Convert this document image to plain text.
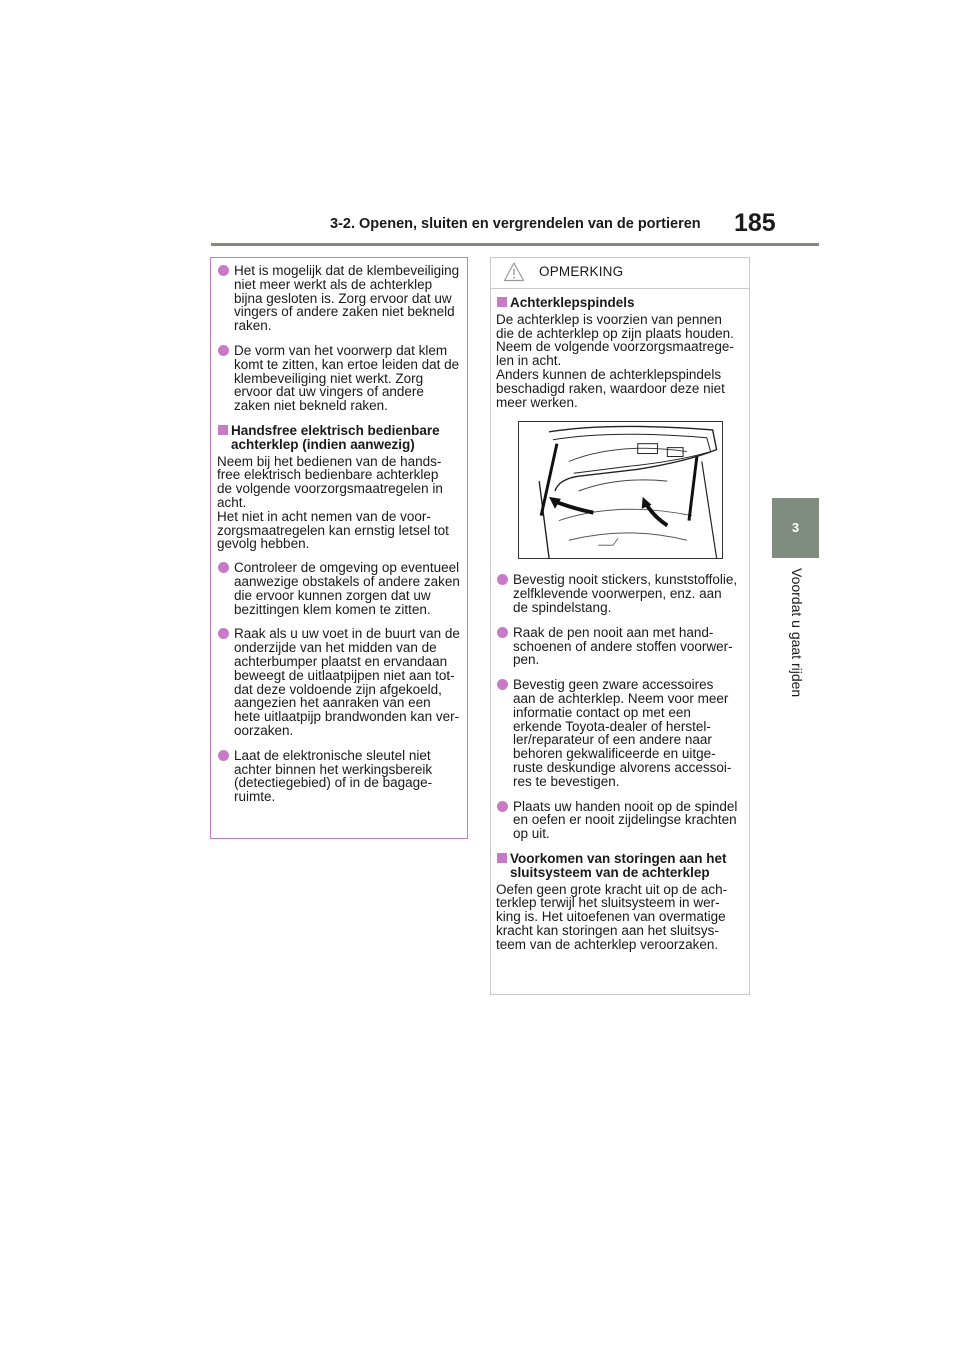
3-2. Openen, sluiten en vergrendelen van de portieren 185
3
Voordat u gaat rijden
Het is mogelijk dat de klembeveiliging
niet meer werkt als de achterklep
bijna gesloten is. Zorg ervoor dat uw
vingers of andere zaken niet bekneld
raken.
De vorm van het voorwerp dat klem
komt te zitten, kan ertoe leiden dat de
klembeveiliging niet werkt. Zorg
ervoor dat uw vingers of andere
zaken niet bekneld raken.
Handsfree elektrisch bedienbare
achterklep (indien aanwezig)
Neem bij het bedienen van de hands-
free elektrisch bedienbare achterklep
de volgende voorzorgsmaatregelen in
acht.
Het niet in acht nemen van de voor-
zorgsmaatregelen kan ernstig letsel tot
gevolg hebben.
Controleer de omgeving op eventueel
aanwezige obstakels of andere zaken
die ervoor kunnen zorgen dat uw
bezittingen klem komen te zitten.
Raak als u uw voet in de buurt van de
onderzijde van het midden van de
achterbumper plaatst en ervandaan
beweegt de uitlaatpijpen niet aan tot-
dat deze voldoende zijn afgekoeld,
aangezien het aanraken van een
hete uitlaatpijp brandwonden kan ver-
oorzaken.
Laat de elektronische sleutel niet
achter binnen het werkingsbereik
(detectiegebied) of in de bagage-
ruimte.
OPMERKING
Achterklepspindels
De achterklep is voorzien van pennen
die de achterklep op zijn plaats houden.
Neem de volgende voorzorgsmaatrege-
len in acht.
Anders kunnen de achterklepspindels
beschadigd raken, waardoor deze niet
meer werken.
Bevestig nooit stickers, kunststoffolie,
zelfklevende voorwerpen, enz. aan
de spindelstang.
Raak de pen nooit aan met hand-
schoenen of andere stoffen voorwer-
pen.
Bevestig geen zware accessoires
aan de achterklep. Neem voor meer
informatie contact op met een
erkende Toyota-dealer of herstel-
ler/reparateur of een andere naar
behoren gekwalificeerde en uitge-
ruste deskundige alvorens accessoi-
res te bevestigen.
Plaats uw handen nooit op de spindel
en oefen er nooit zijdelingse krachten
op uit.
Voorkomen van storingen aan het
sluitsysteem van de achterklep
Oefen geen grote kracht uit op de ach-
terklep terwijl het sluitsysteem in wer-
king is. Het uitoefenen van overmatige
kracht kan storingen aan het sluitsys-
teem van de achterklep veroorzaken.
